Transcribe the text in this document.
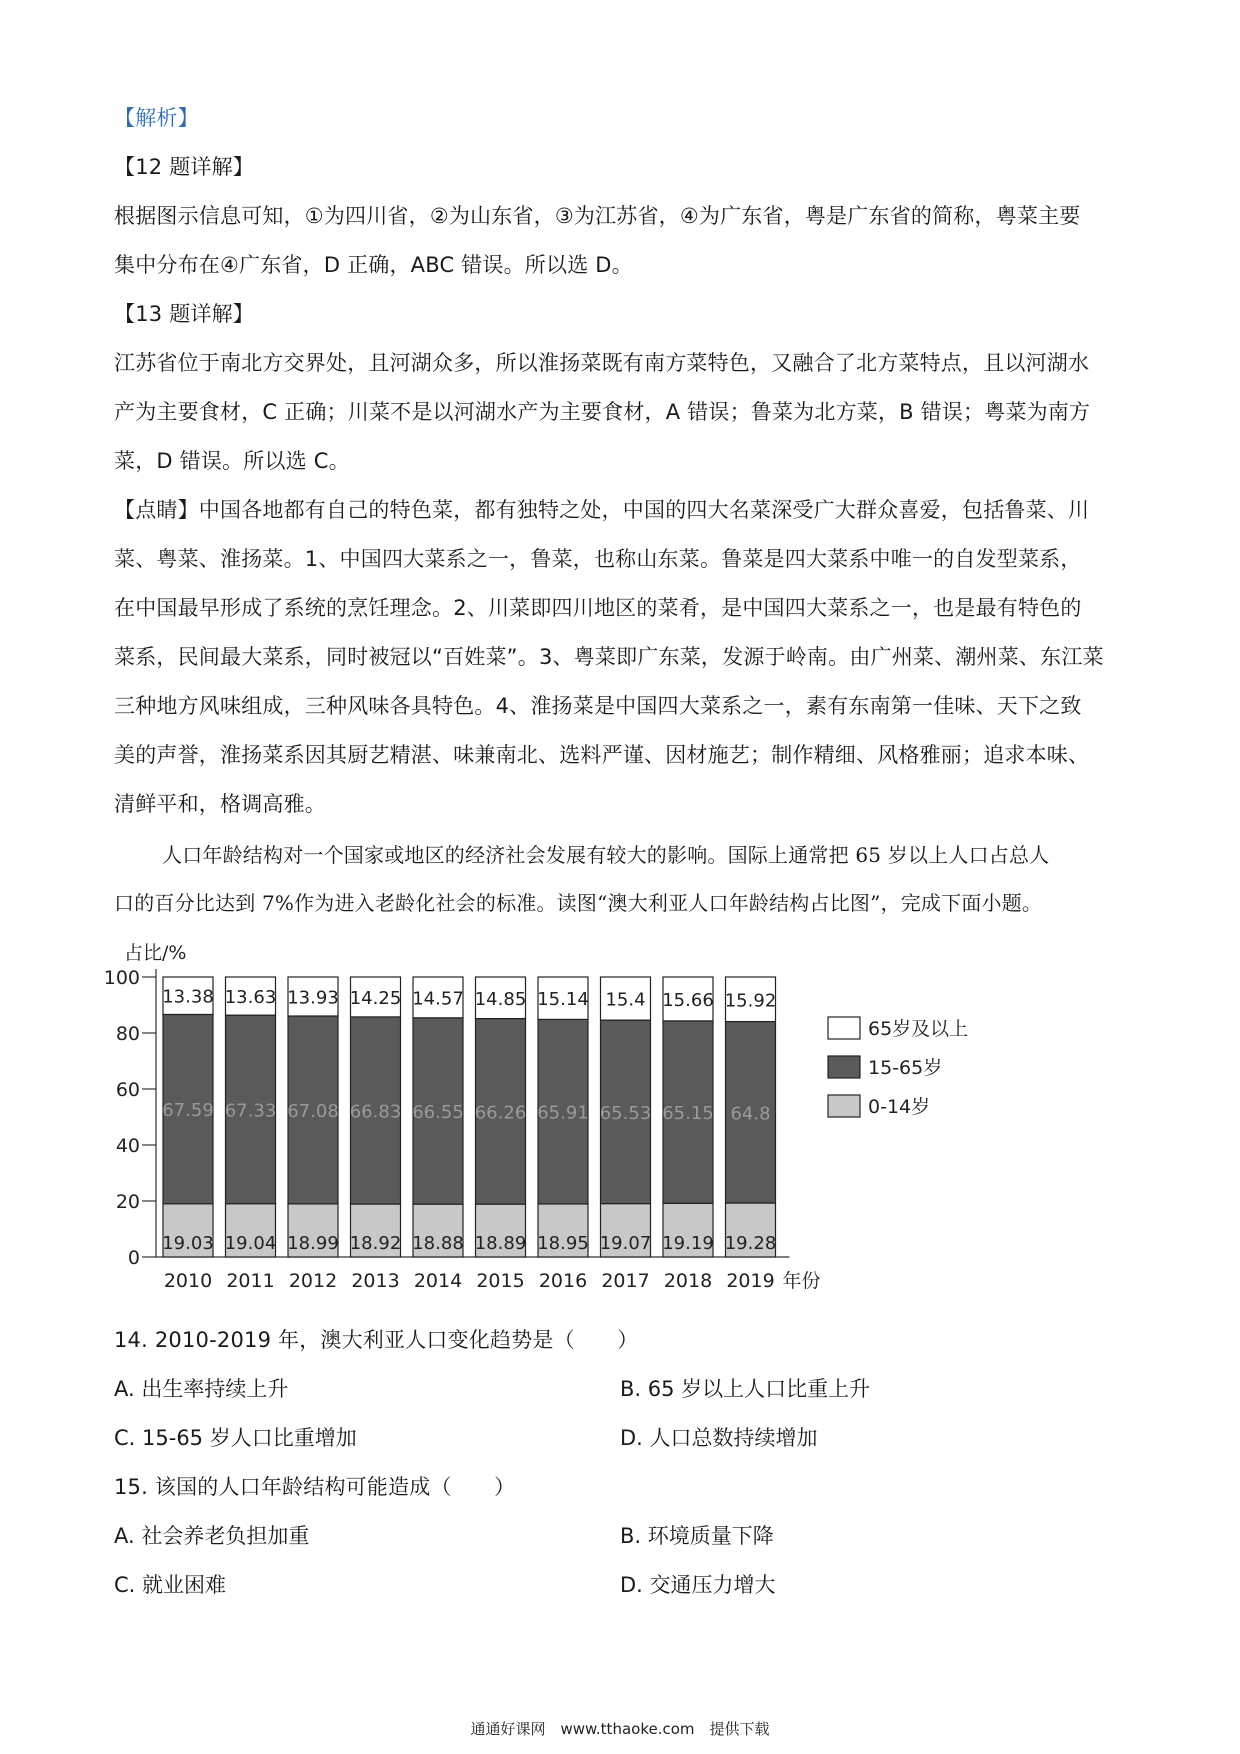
【解析】
【12 题详解】
根据图示信息可知，①为四川省，②为山东省，③为江苏省，④为广东省，粤是广东省的简称，粤菜主要
集中分布在④广东省，D 正确，ABC 错误。所以选 D。
【13 题详解】
江苏省位于南北方交界处，且河湖众多，所以淮扬菜既有南方菜特色，又融合了北方菜特点，且以河湖水
产为主要食材，C 正确；川菜不是以河湖水产为主要食材，A 错误；鲁菜为北方菜，B 错误；粤菜为南方
菜，D 错误。所以选 C。
【点睛】中国各地都有自己的特色菜，都有独特之处，中国的四大名菜深受广大群众喜爱，包括鲁菜、川
菜、粤菜、淮扬菜。1、中国四大菜系之一，鲁菜，也称山东菜。鲁菜是四大菜系中唯一的自发型菜系，
在中国最早形成了系统的烹饪理念。2、川菜即四川地区的菜肴，是中国四大菜系之一，也是最有特色的
菜系，民间最大菜系，同时被冠以“百姓菜”。3、粤菜即广东菜，发源于岭南。由广州菜、潮州菜、东江菜
三种地方风味组成，三种风味各具特色。4、淮扬菜是中国四大菜系之一，素有东南第一佳味、天下之致
美的声誉，淮扬菜系因其厨艺精湛、味兼南北、选料严谨、因材施艺；制作精细、风格雅丽；追求本味、
清鲜平和，格调高雅。
人口年龄结构对一个国家或地区的经济社会发展有较大的影响。国际上通常把 65 岁以上人口占总人
口的百分比达到 7%作为进入老龄化社会的标准。读图“澳大利亚人口年龄结构占比图”，完成下面小题。
占比/%
0
20
40
60
80
100
19.03
67.59
13.38
2010
19.04
67.33
13.63
2011
18.99
67.08
13.93
2012
18.92
66.83
14.25
2013
18.88
66.55
14.57
2014
18.89
66.26
14.85
2015
18.95
65.91
15.14
2016
19.07
65.53
15.4
2017
19.19
65.15
15.66
2018
19.28
64.8
15.92
2019 年份
65岁及以上
15-65岁
0-14岁
14. 2010-2019 年，澳大利亚人口变化趋势是（　　）
A. 出生率持续上升	B. 65 岁以上人口比重上升
C. 15-65 岁人口比重增加	D. 人口总数持续增加
15. 该国的人口年龄结构可能造成（　　）
A. 社会养老负担加重	B. 环境质量下降
C. 就业困难	D. 交通压力增大
通通好课网　www.tthaoke.com　提供下载
